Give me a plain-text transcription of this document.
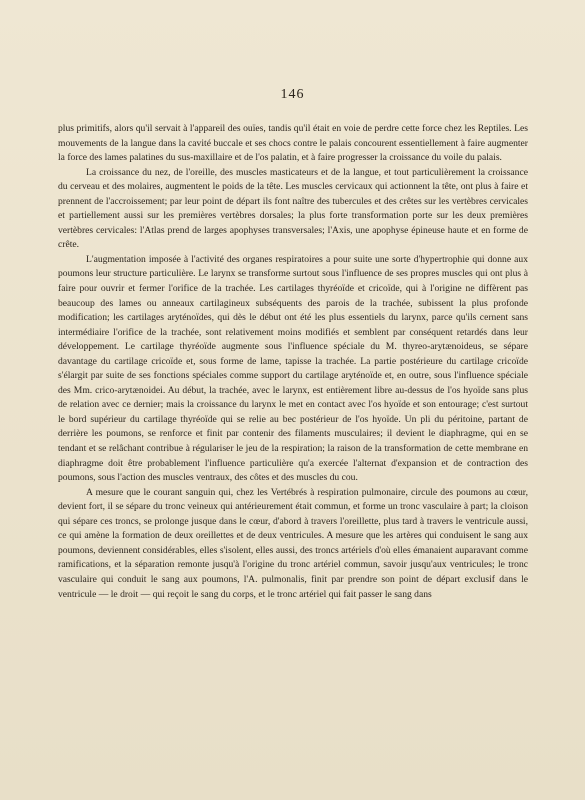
146

plus primitifs, alors qu'il servait à l'appareil des ouïes, tandis qu'il était en voie de perdre cette force chez les Reptiles. Les mouvements de la langue dans la cavité buccale et ses chocs contre le palais concourent essentiellement à faire augmenter la force des lames palatines du sus-maxillaire et de l'os palatin, et à faire progresser la croissance du voile du palais.

La croissance du nez, de l'oreille, des muscles masticateurs et de la langue, et tout particulièrement la croissance du cerveau et des molaires, augmentent le poids de la tête. Les muscles cervicaux qui actionnent la tête, ont plus à faire et prennent de l'accroissement; par leur point de départ ils font naître des tubercules et des crêtes sur les vertèbres cervicales et partiellement aussi sur les premières vertèbres dorsales; la plus forte transformation porte sur les deux premières vertèbres cervicales: l'Atlas prend de larges apophyses transversales; l'Axis, une apophyse épineuse haute et en forme de crête.

L'augmentation imposée à l'activité des organes respiratoires a pour suite une sorte d'hypertrophie qui donne aux poumons leur structure particulière. Le larynx se transforme surtout sous l'influence de ses propres muscles qui ont plus à faire pour ouvrir et fermer l'orifice de la trachée. Les cartilages thyréoïde et cricoïde, qui à l'origine ne diffèrent pas beaucoup des lames ou anneaux cartilagineux subséquents des parois de la trachée, subissent la plus profonde modification; les cartilages aryténoïdes, qui dès le début ont été les plus essentiels du larynx, parce qu'ils cernent sans intermédiaire l'orifice de la trachée, sont relativement moins modifiés et semblent par conséquent retardés dans leur développement. Le cartilage thyréoïde augmente sous l'influence spéciale du M. thyreo-arytænoideus, se sépare davantage du cartilage cricoïde et, sous forme de lame, tapisse la trachée. La partie postérieure du cartilage cricoïde s'élargit par suite de ses fonctions spéciales comme support du cartilage aryténoïde et, en outre, sous l'influence spéciale des Mm. crico-arytænoidei. Au début, la trachée, avec le larynx, est entièrement libre au-dessus de l'os hyoïde sans plus de relation avec ce dernier; mais la croissance du larynx le met en contact avec l'os hyoïde et son entourage; c'est surtout le bord supérieur du cartilage thyréoïde qui se relie au bec postérieur de l'os hyoïde. Un pli du péritoine, partant de derrière les poumons, se renforce et finit par contenir des filaments musculaires; il devient le diaphragme, qui en se tendant et se relâchant contribue à régulariser le jeu de la respiration; la raison de la transformation de cette membrane en diaphragme doit être probablement l'influence particulière qu'a exercée l'alternat d'expansion et de contraction des poumons, sous l'action des muscles ventraux, des côtes et des muscles du cou.

A mesure que le courant sanguin qui, chez les Vertébrés à respiration pulmonaire, circule des poumons au cœur, devient fort, il se sépare du tronc veineux qui antérieurement était commun, et forme un tronc vasculaire à part; la cloison qui sépare ces troncs, se prolonge jusque dans le cœur, d'abord à travers l'oreillette, plus tard à travers le ventricule aussi, ce qui amène la formation de deux oreillettes et de deux ventricules. A mesure que les artères qui conduisent le sang aux poumons, deviennent considérables, elles s'isolent, elles aussi, des troncs artériels d'où elles émanaient auparavant comme ramifications, et la séparation remonte jusqu'à l'origine du tronc artériel commun, savoir jusqu'aux ventricules; le tronc vasculaire qui conduit le sang aux poumons, l'A. pulmonalis, finit par prendre son point de départ exclusif dans le ventricule — le droit — qui reçoit le sang du corps, et le tronc artériel qui fait passer le sang dans
